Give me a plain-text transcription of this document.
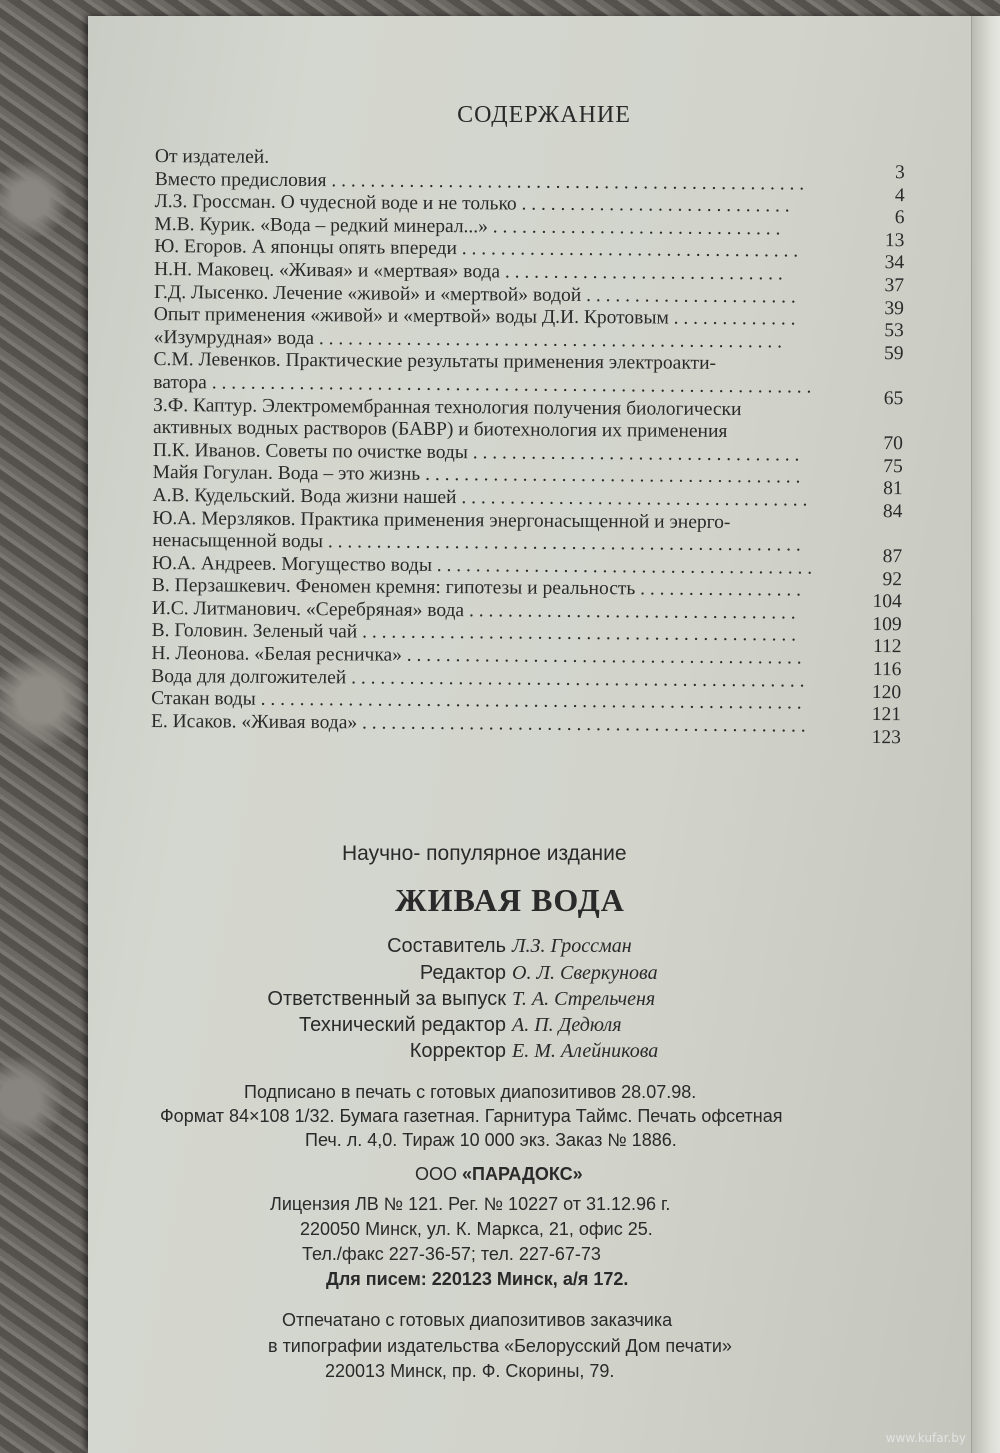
СОДЕРЖАНИЕ
От издателей.
3
Вместо предисловия . . . . . . . . . . . . . . . . . . . . . . . . . . . . . . . . . . . . . . . . . . . . . . . . .
4
Л.З. Гроссман. О чудесной воде и не только . . . . . . . . . . . . . . . . . . . . . . . . . . . .
6
М.В. Курик. «Вода – редкий минерал...» . . . . . . . . . . . . . . . . . . . . . . . . . . . . . .
13
Ю. Егоров. А японцы опять впереди . . . . . . . . . . . . . . . . . . . . . . . . . . . . . . . . . . .
34
Н.Н. Маковец. «Живая» и «мертвая» вода . . . . . . . . . . . . . . . . . . . . . . . . . . . . .
37
Г.Д. Лысенко. Лечение «живой» и «мертвой» водой . . . . . . . . . . . . . . . . . . . . . .
39
Опыт применения «живой» и «мертвой» воды Д.И. Кротовым . . . . . . . . . . . . .
53
«Изумрудная» вода . . . . . . . . . . . . . . . . . . . . . . . . . . . . . . . . . . . . . . . . . . . . . . . .
59
С.М. Левенков. Практические результаты применения электроакти-
ватора . . . . . . . . . . . . . . . . . . . . . . . . . . . . . . . . . . . . . . . . . . . . . . . . . . . . . . . . . . . . . .
65
З.Ф. Каптур. Электромембранная технология получения биологически
активных водных растворов (БАВР) и биотехнология их применения
70
П.К. Иванов. Советы по очистке воды . . . . . . . . . . . . . . . . . . . . . . . . . . . . . . . . . .
75
Майя Гогулан. Вода – это жизнь . . . . . . . . . . . . . . . . . . . . . . . . . . . . . . . . . . . . . . .
81
А.В. Кудельский. Вода жизни нашей . . . . . . . . . . . . . . . . . . . . . . . . . . . . . . . . . . . .
84
Ю.А. Мерзляков. Практика применения энергонасыщенной и энерго-
ненасыщенной воды . . . . . . . . . . . . . . . . . . . . . . . . . . . . . . . . . . . . . . . . . . . . . . . . .
87
Ю.А. Андреев. Могущество воды . . . . . . . . . . . . . . . . . . . . . . . . . . . . . . . . . . . . . . .
92
В. Перзашкевич. Феномен кремня: гипотезы и реальность . . . . . . . . . . . . . . . . .
104
И.С. Литманович. «Серебряная» вода . . . . . . . . . . . . . . . . . . . . . . . . . . . . . . . . . .
109
В. Головин. Зеленый чай . . . . . . . . . . . . . . . . . . . . . . . . . . . . . . . . . . . . . . . . . . . . .
112
Н. Леонова. «Белая ресничка» . . . . . . . . . . . . . . . . . . . . . . . . . . . . . . . . . . . . . . . . .
116
Вода для долгожителей . . . . . . . . . . . . . . . . . . . . . . . . . . . . . . . . . . . . . . . . . . . . . . .
120
Стакан воды . . . . . . . . . . . . . . . . . . . . . . . . . . . . . . . . . . . . . . . . . . . . . . . . . . . . . . . .
121
Е. Исаков. «Живая вода» . . . . . . . . . . . . . . . . . . . . . . . . . . . . . . . . . . . . . . . . . . . . . .
123
Научно- популярное издание
ЖИВАЯ ВОДА
Составитель Л.З. Гроссман
Редактор О. Л. Сверкунова
Ответственный за выпуск Т. А. Стрельченя
Технический редактор А. П. Дедюля
Корректор Е. М. Алейникова
Подписано в печать с готовых диапозитивов 28.07.98.
Формат 84×108 1/32. Бумага газетная. Гарнитура Таймс. Печать офсетная
Печ. л. 4,0. Тираж 10 000 экз. Заказ № 1886.
ООО «ПАРАДОКС»
Лицензия ЛВ № 121. Рег. № 10227 от 31.12.96 г.
220050 Минск, ул. К. Маркса, 21, офис 25.
Тел./факс 227-36-57; тел. 227-67-73
Для писем: 220123 Минск, а/я 172.
Отпечатано с готовых диапозитивов заказчика
в типографии издательства «Белорусский Дом печати»
220013 Минск, пр. Ф. Скорины, 79.
www.kufar.by
